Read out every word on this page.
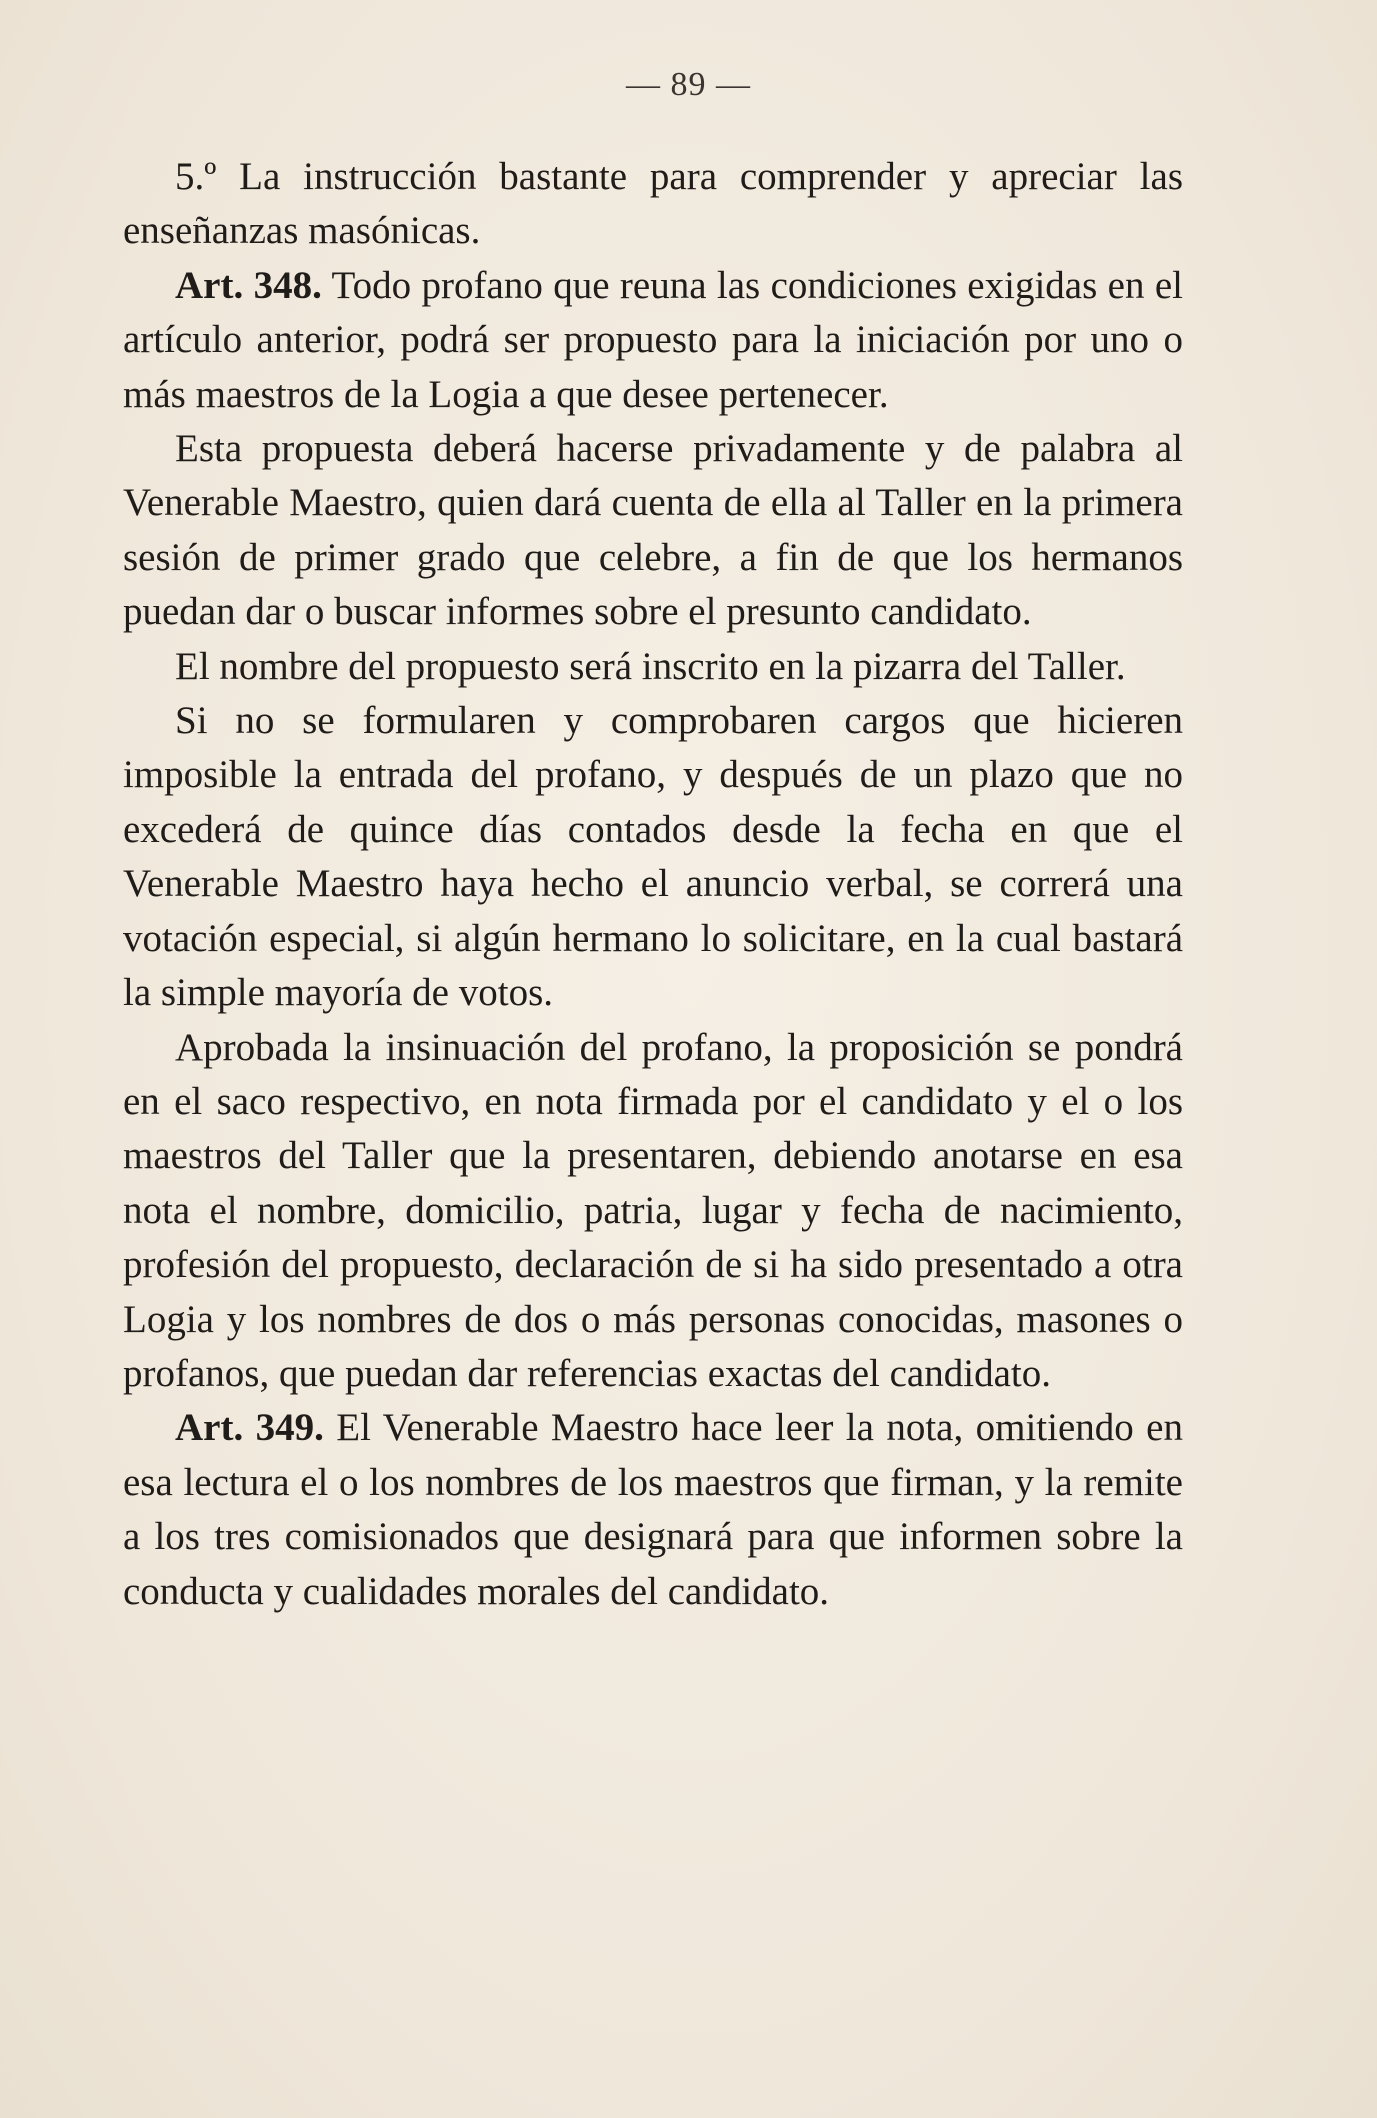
— 89 —

5.º La instrucción bastante para comprender y apreciar las enseñanzas masónicas.

Art. 348. Todo profano que reuna las condiciones exigidas en el artículo anterior, podrá ser propuesto para la iniciación por uno o más maestros de la Logia a que desee pertenecer.

Esta propuesta deberá hacerse privadamente y de palabra al Venerable Maestro, quien dará cuenta de ella al Taller en la primera sesión de primer grado que celebre, a fin de que los hermanos puedan dar o buscar informes sobre el presunto candidato.

El nombre del propuesto será inscrito en la pizarra del Taller.

Si no se formularen y comprobaren cargos que hicieren imposible la entrada del profano, y después de un plazo que no excederá de quince días contados desde la fecha en que el Venerable Maestro haya hecho el anuncio verbal, se correrá una votación especial, si algún hermano lo solicitare, en la cual bastará la simple mayoría de votos.

Aprobada la insinuación del profano, la proposición se pondrá en el saco respectivo, en nota firmada por el candidato y el o los maestros del Taller que la presentaren, debiendo anotarse en esa nota el nombre, domicilio, patria, lugar y fecha de nacimiento, profesión del propuesto, declaración de si ha sido presentado a otra Logia y los nombres de dos o más personas conocidas, masones o profanos, que puedan dar referencias exactas del candidato.

Art. 349. El Venerable Maestro hace leer la nota, omitiendo en esa lectura el o los nombres de los maestros que firman, y la remite a los tres comisionados que designará para que informen sobre la conducta y cualidades morales del candidato.
